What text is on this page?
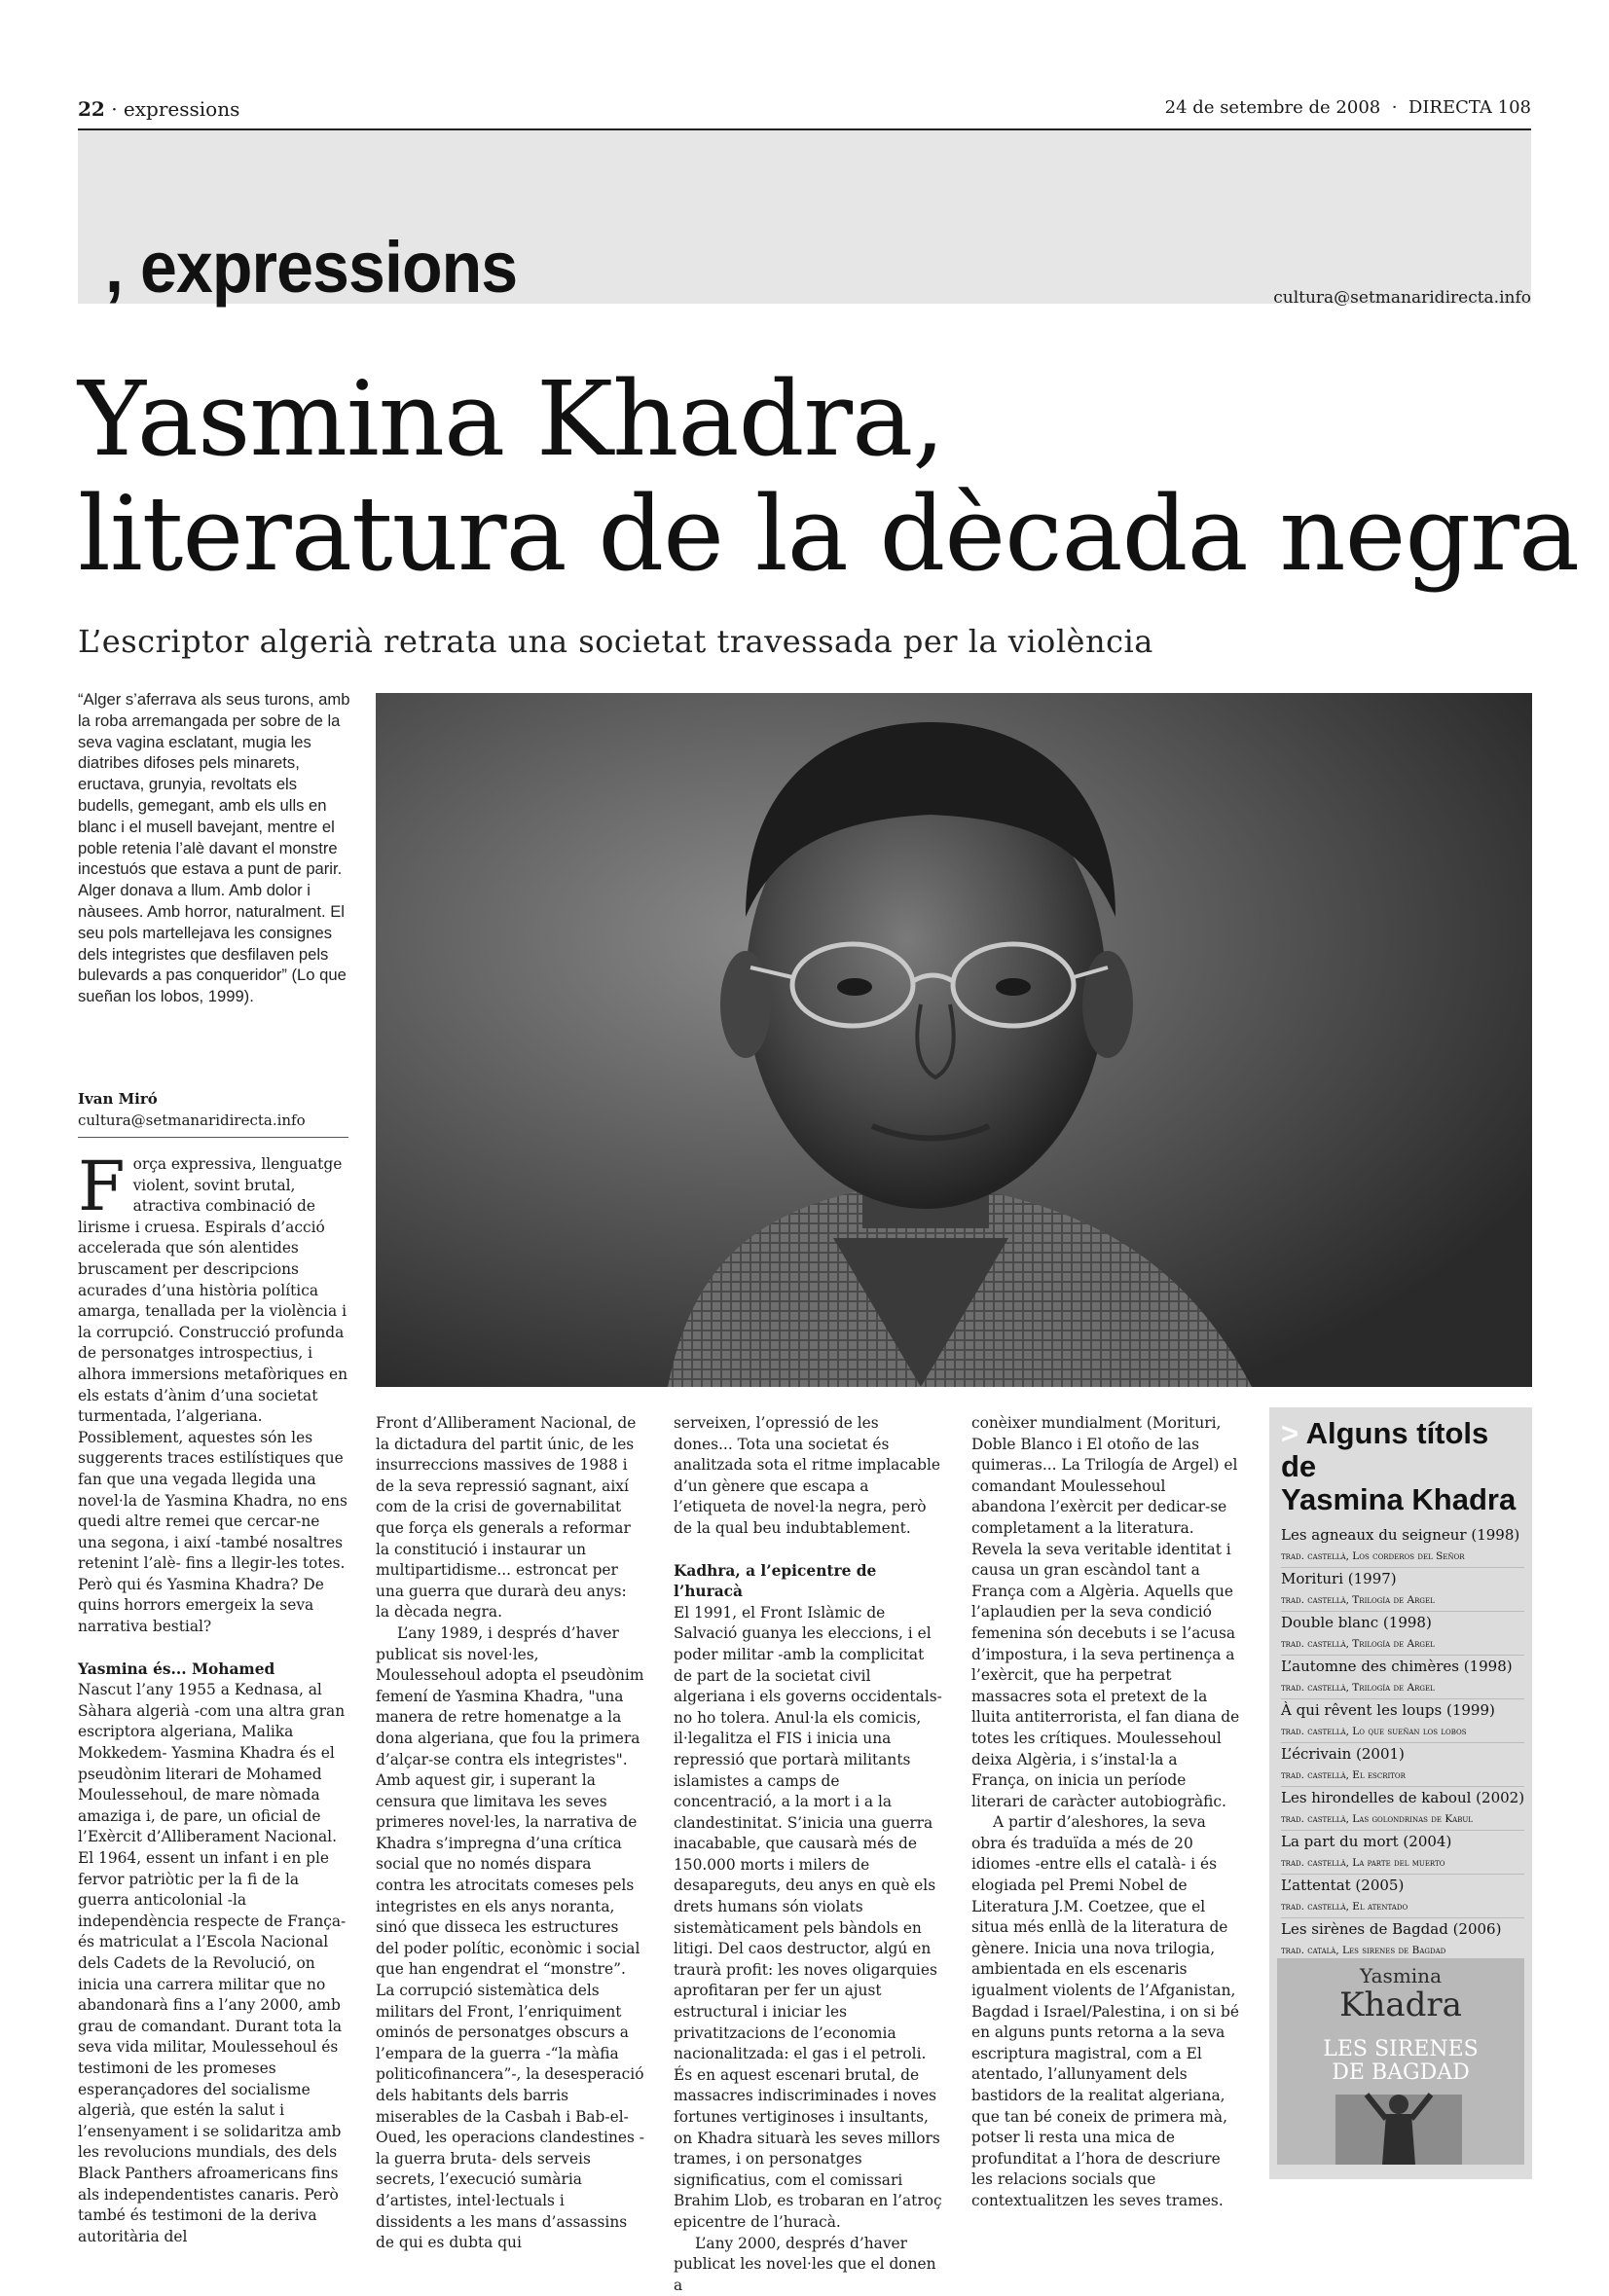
22 · expressions	24 de setembre de 2008 · DIRECTA 108
, expressions	cultura@setmanaridirecta.info
Yasmina Khadra,
literatura de la dècada negra
L’escriptor algerià retrata una societat travessada per la violència
“Alger s’aferrava als seus turons, amb la roba arremangada per sobre de la seva vagina esclatant, mugia les diatribes difoses pels minarets, eructava, grunyia, revoltats els budells, gemegant, amb els ulls en blanc i el musell bavejant, mentre el poble retenia l’alè davant el monstre incestuós que estava a punt de parir. Alger donava a llum. Amb dolor i nàusees. Amb horror, naturalment. El seu pols martellejava les consignes dels integristes que desfilaven pels bulevards a pas conqueridor” (Lo que sueñan los lobos, 1999).
Ivan Miró
cultura@setmanaridirecta.info

Força expressiva, llenguatge violent, sovint brutal, atractiva combinació de lirisme i cruesa. Espirals d’acció accelerada que són alentides bruscament per descripcions acurades d’una història política amarga, tenallada per la violència i la corrupció. Construcció profunda de personatges introspectius, i alhora immersions metafòriques en els estats d’ànim d’una societat turmentada, l’algeriana. Possiblement, aquestes són les suggerents traces estilístiques que fan que una vegada llegida una novel·la de Yasmina Khadra, no ens quedi altre remei que cercar-ne una segona, i així -també nosaltres retenint l’alè- fins a llegir-les totes. Però qui és Yasmina Khadra? De quins horrors emergeix la seva narrativa bestial?

Yasmina és... Mohamed

Nascut l’any 1955 a Kednasa, al Sàhara algerià -com una altra gran escriptora algeriana, Malika Mokkedem- Yasmina Khadra és el pseudònim literari de Mohamed Moulessehoul, de mare nòmada amaziga i, de pare, un oficial de l’Exèrcit d’Alliberament Nacional. El 1964, essent un infant i en ple fervor patriòtic per la fi de la guerra anticolonial -la independència respecte de França- és matriculat a l’Escola Nacional dels Cadets de la Revolució, on inicia una carrera militar que no abandonarà fins a l’any 2000, amb grau de comandant. Durant tota la seva vida militar, Moulessehoul és testimoni de les promeses esperançadores del socialisme algerià, que estén la salut i l’ensenyament i se solidaritza amb les revolucions mundials, des dels Black Panthers afroamericans fins als independentistes canaris. Però també és testimoni de la deriva autoritària del

Front d’Alliberament Nacional, de la dictadura del partit únic, de les insurreccions massives de 1988 i de la seva repressió sagnant, així com de la crisi de governabilitat que força els generals a reformar la constitució i instaurar un multipartidisme... estroncat per una guerra que durarà deu anys: la dècada negra.

L’any 1989, i després d’haver publicat sis novel·les, Moulessehoul adopta el pseudònim femení de Yasmina Khadra, "una manera de retre homenatge a la dona algeriana, que fou la primera d’alçar-se contra els integristes". Amb aquest gir, i superant la censura que limitava les seves primeres novel·les, la narrativa de Khadra s’impregna d’una crítica social que no només dispara contra les atrocitats comeses pels integristes en els anys noranta, sinó que disseca les estructures del poder polític, econòmic i social que han engendrat el “monstre”. La corrupció sistemàtica dels militars del Front, l’enriquiment ominós de personatges obscurs a l’empara de la guerra -“la màfia politicofinancera”-, la desesperació dels habitants dels barris miserables de la Casbah i Bab-el-Oued, les operacions clandestines -la guerra bruta- dels serveis secrets, l’execució sumària d’artistes, intel·lectuals i dissidents a les mans d’assassins de qui es dubta qui

serveixen, l’opressió de les dones... Tota una societat és analitzada sota el ritme implacable d’un gènere que escapa a l’etiqueta de novel·la negra, però de la qual beu indubtablement.

Kadhra, a l’epicentre de l’huracà

El 1991, el Front Islàmic de Salvació guanya les eleccions, i el poder militar -amb la complicitat de part de la societat civil algeriana i els governs occidentals- no ho tolera. Anul·la els comicis, il·legalitza el FIS i inicia una repressió que portarà militants islamistes a camps de concentració, a la mort i a la clandestinitat. S’inicia una guerra inacabable, que causarà més de 150.000 morts i milers de desapareguts, deu anys en què els drets humans són violats sistemàticament pels bàndols en litigi. Del caos destructor, algú en traurà profit: les noves oligarquies aprofitaran per fer un ajust estructural i iniciar les privatitzacions de l’economia nacionalitzada: el gas i el petroli. És en aquest escenari brutal, de massacres indiscriminades i noves fortunes vertiginoses i insultants, on Khadra situarà les seves millors trames, i on personatges significatius, com el comissari Brahim Llob, es trobaran en l’atroç epicentre de l’huracà.

L’any 2000, després d’haver publicat les novel·les que el donen a

conèixer mundialment (Morituri, Doble Blanco i El otoño de las quimeras... La Trilogía de Argel) el comandant Moulessehoul abandona l’exèrcit per dedicar-se completament a la literatura. Revela la seva veritable identitat i causa un gran escàndol tant a França com a Algèria. Aquells que l’aplaudien per la seva condició femenina són decebuts i se l’acusa d’impostura, i la seva pertinença a l’exèrcit, que ha perpetrat massacres sota el pretext de la lluita antiterrorista, el fan diana de totes les crítiques. Moulessehoul deixa Algèria, i s’instal·la a França, on inicia un període literari de caràcter autobiogràfic.

A partir d’aleshores, la seva obra és traduïda a més de 20 idiomes -entre ells el català- i és elogiada pel Premi Nobel de Literatura J.M. Coetzee, que el situa més enllà de la literatura de gènere. Inicia una nova trilogia, ambientada en els escenaris igualment violents de l’Afganistan, Bagdad i Israel/Palestina, i on si bé en alguns punts retorna a la seva escriptura magistral, com a El atentado, l’allunyament dels bastidors de la realitat algeriana, que tan bé coneix de primera mà, potser li resta una mica de profunditat a l’hora de descriure les relacions socials que contextualitzen les seves trames.

> Alguns títols de
Yasmina Khadra
Les agneaux du seigneur (1998)
trad. castellà, Los corderos del Señor
Morituri (1997)
trad. castellà, Trilogía de Argel
Double blanc (1998)
trad. castellà, Trilogía de Argel
L’automne des chimères (1998)
trad. castellà, Trilogía de Argel
À qui rêvent les loups (1999)
trad. castellà, Lo que sueñan los lobos
L’écrivain (2001)
trad. castellà, El escritor
Les hirondelles de kaboul (2002)
trad. castellà, Las golondrinas de Kabul
La part du mort (2004)
trad. castellà, La parte del muerto
L’attentat (2005)
trad. castellà, El atentado
Les sirènes de Bagdad (2006)
trad. català, Les sirenes de Bagdad
Yasmina
Khadra
LES SIRENES
DE BAGDAD
